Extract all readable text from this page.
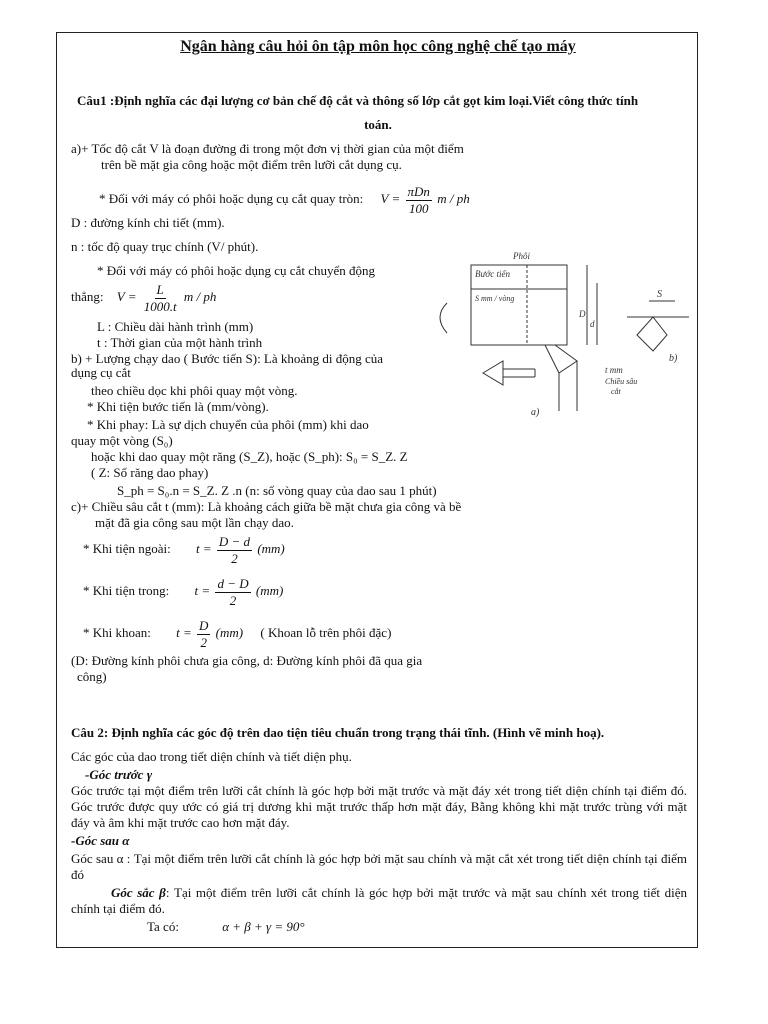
Ngân hàng câu hỏi ôn tập môn học công nghệ chế tạo máy
Câu1 :Định nghĩa các đại lượng cơ bản chế độ cắt và thông số lớp cắt gọt kim loại.Viết công thức tính
toán.
a)+ Tốc độ cắt V là đoạn đường đi trong một đơn vị thời gian của một điểm
trên bề mặt gia công hoặc một điểm trên lưỡi cắt dụng cụ.
* Đối với máy có phôi hoặc dụng cụ cắt quay tròn: $V = \frac{\text{πDn}}{100}$ m / ph
D : đường kính chi tiết (mm).
n : tốc độ quay trục chính (V/ phút).
* Đối với máy có phôi hoặc dụng cụ cắt chuyển động
thẳng: $V = \frac{L}{1000.t}$ m / ph
L : Chiều dài hành trình (mm)
t : Thời gian của một hành trình
b) + Lượng chạy dao ( Bước tiến S): Là khoảng di động của
dụng cụ cắt
theo chiều dọc khi phôi quay một vòng.
* Khi tiện bước tiến là (mm/vòng).
* Khi phay: Là sự dịch chuyển của phôi (mm) khi dao
quay một vòng (S₀)
hoặc khi dao quay một răng (S_Z), hoặc (S_ph): S₀ = S_Z. Z
( Z: Số răng dao phay)
S_ph = S₀.n = S_Z. Z .n (n: số vòng quay của dao sau 1 phút)
c)+ Chiều sâu cắt t (mm): Là khoảng cách giữa bề mặt chưa gia công và bề
mặt đã gia công sau một lần chạy dao.
* Khi tiện ngoài: $t = \frac{D - d}{2} (mm)$
* Khi tiện trong: $t = \frac{d - D}{2} (mm)$
* Khi khoan: $t = \frac{D}{2} (mm)$ ( Khoan lỗ trên phôi đặc)
(D: Đường kính phôi chưa gia công, d: Đường kính phôi đã qua gia
công)
Phôi
Bước tiến
S mm / vòng
D
d
t mm
Chiều sâu
cắt
a)
b)
S
Câu 2: Định nghĩa các góc độ trên dao tiện tiêu chuẩn trong trạng thái tĩnh. (Hình vẽ minh hoạ).
Các góc của dao trong tiết diện chính và tiết diện phụ.
-Góc trước γ
Góc trước tại một điểm trên lưỡi cắt chính là góc hợp bởi mặt trước và mặt đáy xét trong tiết diện chính tại điểm đó. Góc trước được quy ước có giá trị dương khi mặt trước thấp hơn mặt đáy, Bằng không khi mặt trước trùng với mặt đáy và âm khi mặt trước cao hơn mặt đáy.
-Góc sau α
Góc sau α : Tại một điểm trên lưỡi cắt chính là góc hợp bởi mặt sau chính và mặt cắt xét trong tiết diện chính tại điểm đó
Góc sắc β: Tại một điểm trên lưỡi cắt chính là góc hợp bởi mặt trước và mặt sau chính xét trong tiết diện chính tại điểm đó.
Ta có:	α + β + γ = 90°
